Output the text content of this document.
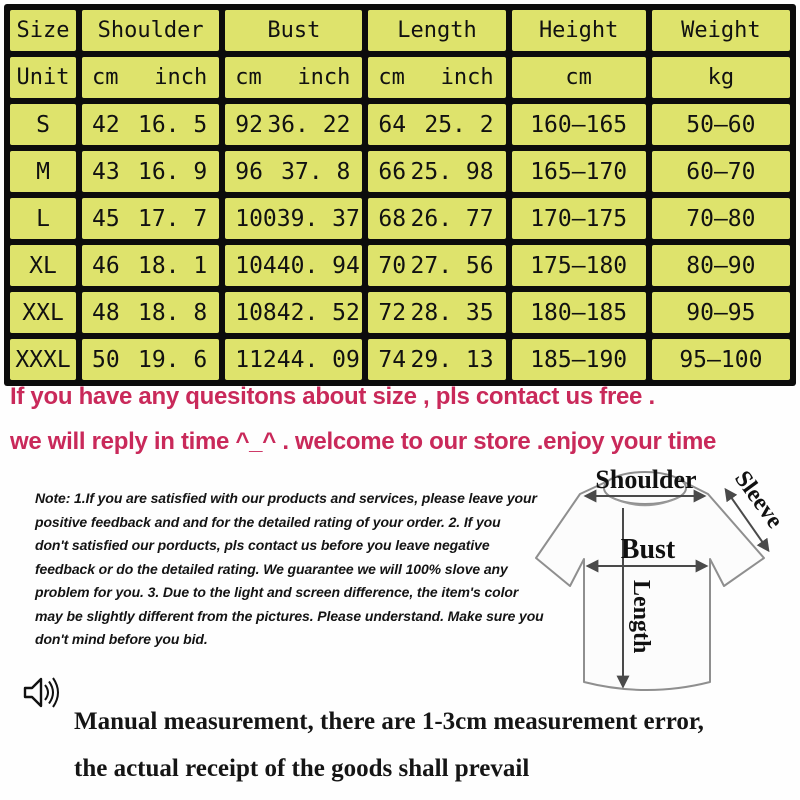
Size	Shoulder	Bust	Length	Height	Weight
Unit	cm inch	cm inch	cm inch	cm	kg
S	42 16. 5	92 36. 22	64 25. 2	160–165	50–60
M	43 16. 9	96 37. 8	66 25. 98	165–170	60–70
L	45 17. 7	100 39. 37	68 26. 77	170–175	70–80
XL	46 18. 1	104 40. 94	70 27. 56	175–180	80–90
XXL	48 18. 8	108 42. 52	72 28. 35	180–185	90–95
XXXL	50 19. 6	112 44. 09	74 29. 13	185–190	95–100
If you have any quesitons about size , pls contact us free .
we will reply in time ^_^ . welcome to our store .enjoy your time
Note: 1.If you are satisfied with our products and services, please leave your
positive feedback and and for the detailed rating of your order. 2. If you
don't satisfied our porducts, pls contact us before you leave negative
feedback or do the detailed rating. We guarantee we will 100% slove any
problem for you. 3. Due to the light and screen difference, the item's color
may be slightly different from the pictures. Please understand. Make sure you
don't mind before you bid.
Shoulder Sleeve
Bust
Length
Manual measurement, there are 1-3cm measurement error,
the actual receipt of the goods shall prevail
